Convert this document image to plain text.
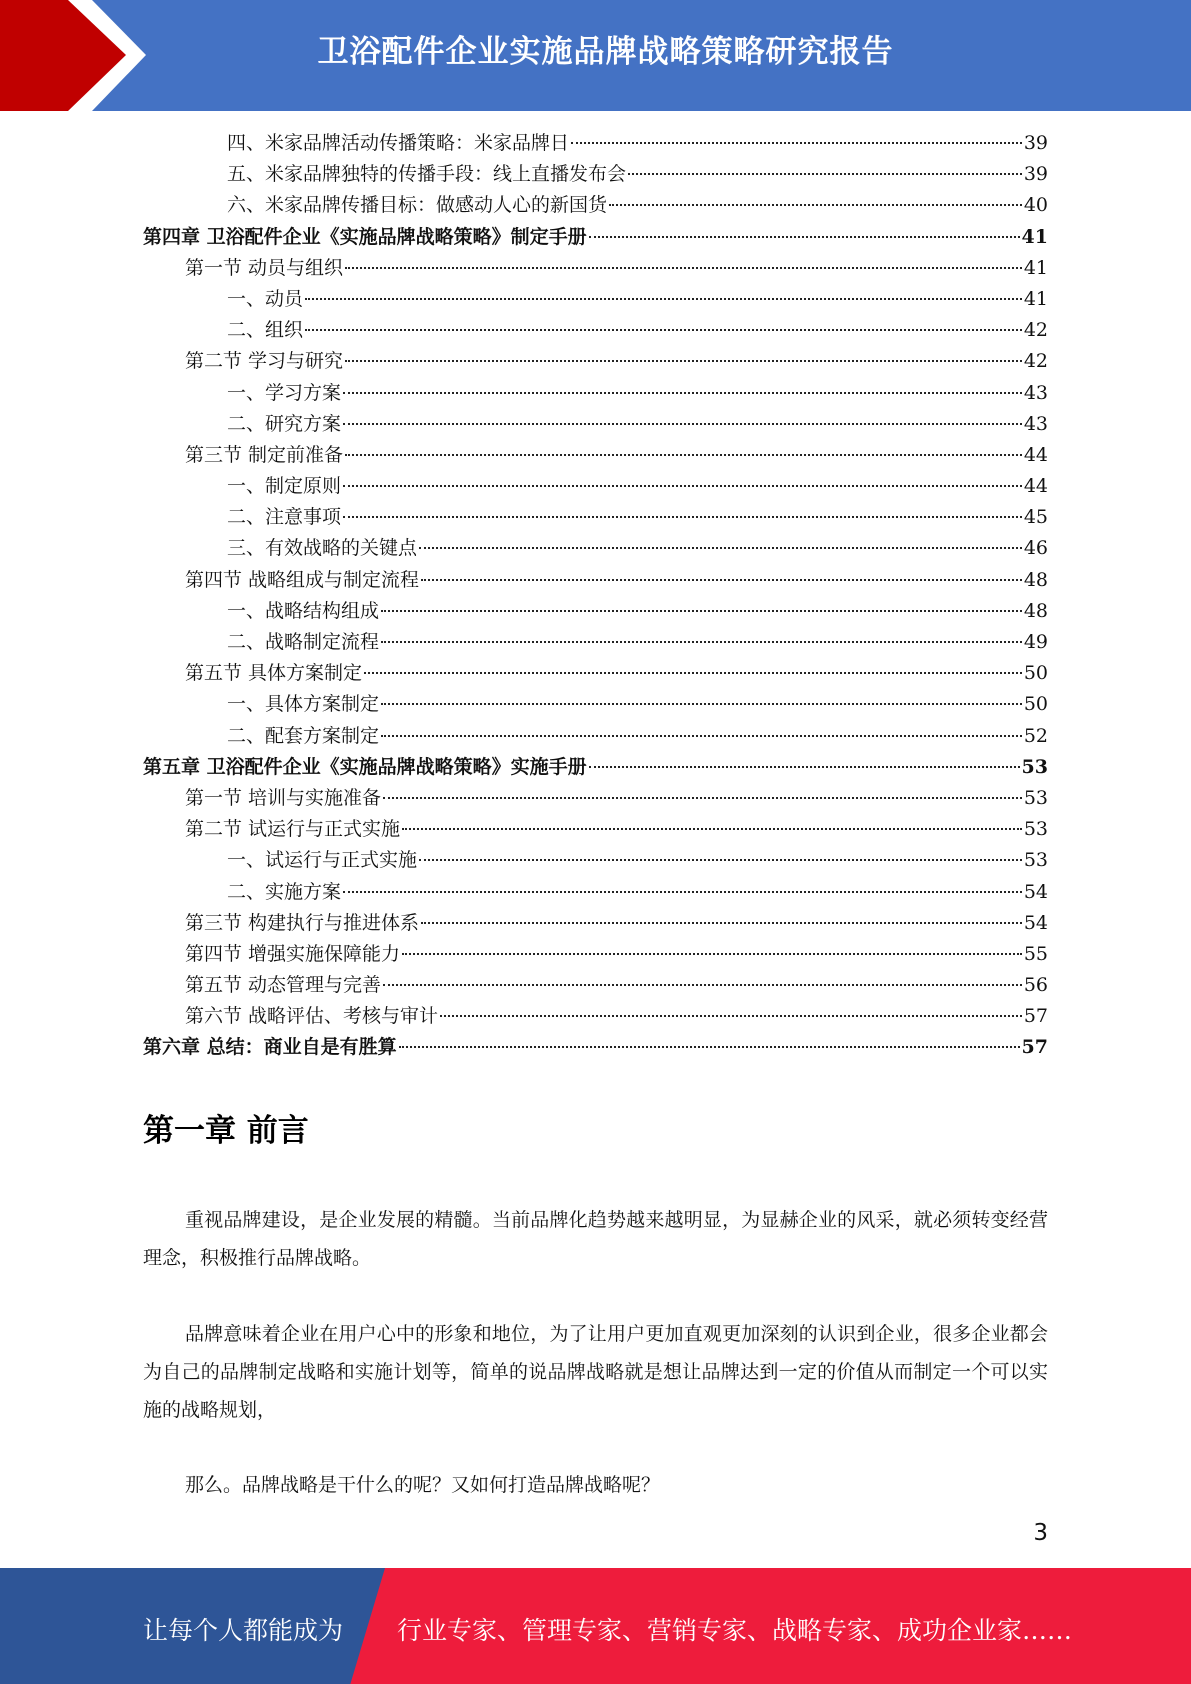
卫浴配件企业实施品牌战略策略研究报告
四、米家品牌活动传播策略：米家品牌日	39
五、米家品牌独特的传播手段：线上直播发布会	39
六、米家品牌传播目标：做感动人心的新国货	40
第四章 卫浴配件企业《实施品牌战略策略》制定手册	41
第一节 动员与组织	41
一、动员	41
二、组织	42
第二节 学习与研究	42
一、学习方案	43
二、研究方案	43
第三节 制定前准备	44
一、制定原则	44
二、注意事项	45
三、有效战略的关键点	46
第四节 战略组成与制定流程	48
一、战略结构组成	48
二、战略制定流程	49
第五节 具体方案制定	50
一、具体方案制定	50
二、配套方案制定	52
第五章 卫浴配件企业《实施品牌战略策略》实施手册	53
第一节 培训与实施准备	53
第二节 试运行与正式实施	53
一、试运行与正式实施	53
二、实施方案	54
第三节 构建执行与推进体系	54
第四节 增强实施保障能力	55
第五节 动态管理与完善	56
第六节 战略评估、考核与审计	57
第六章 总结：商业自是有胜算	57
第一章 前言

重视品牌建设，是企业发展的精髓。当前品牌化趋势越来越明显，为显赫企业的风采，就必须转变经营理念，积极推行品牌战略。

品牌意味着企业在用户心中的形象和地位，为了让用户更加直观更加深刻的认识到企业，很多企业都会为自己的品牌制定战略和实施计划等，简单的说品牌战略就是想让品牌达到一定的价值从而制定一个可以实施的战略规划，

那么。品牌战略是干什么的呢？又如何打造品牌战略呢？

3
让每个人都能成为 行业专家、管理专家、营销专家、战略专家、成功企业家……
